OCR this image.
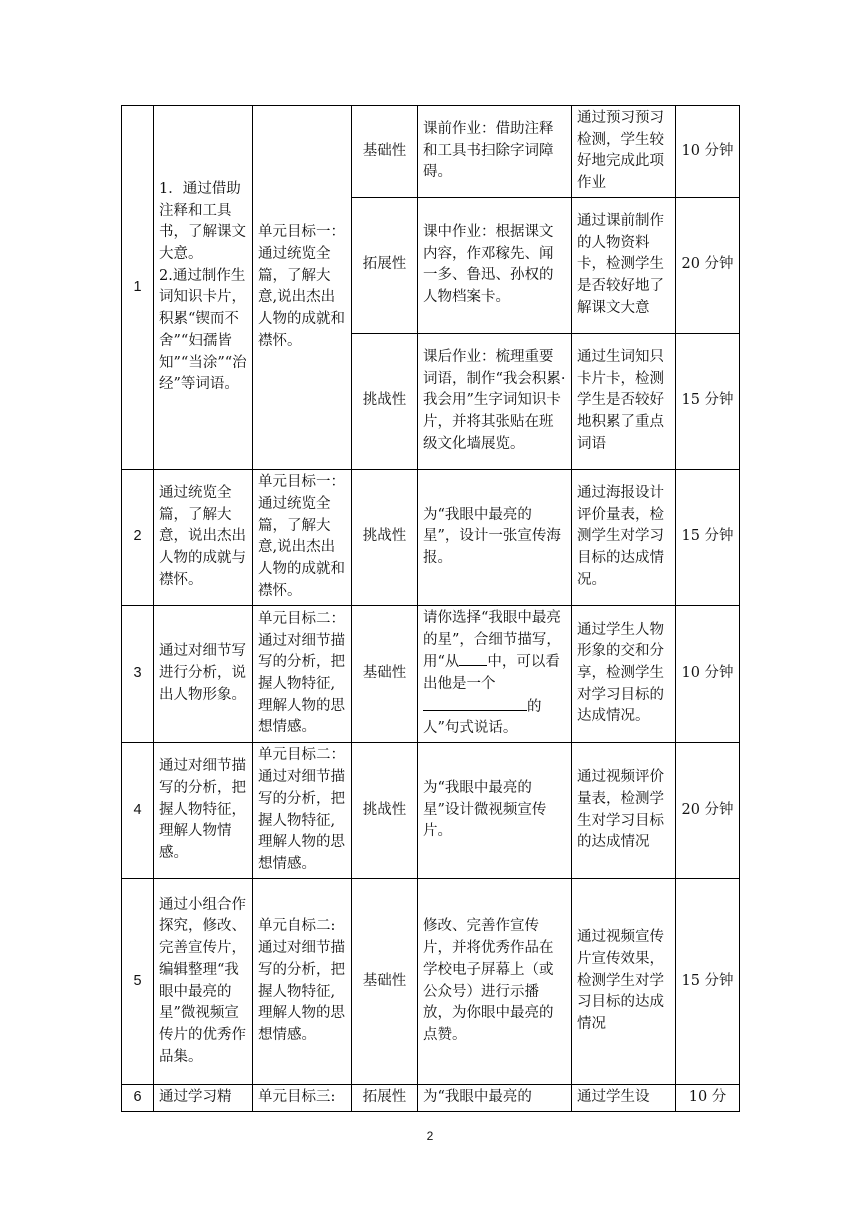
1	1．通过借助注释和工具书，了解课文大意。
2.通过制作生词知识卡片，积累“锲而不舍”“妇孺皆知”“当涂”“治经”等词语。	单元目标一：通过统览全篇，了解大意,说出杰出人物的成就和襟怀。	基础性	课前作业：借助注释和工具书扫除字词障碍。	通过预习预习检测，学生较好地完成此项作业	10 分钟
			拓展性	课中作业：根据课文内容，作邓稼先、闻一多、鲁迅、孙权的人物档案卡。	通过课前制作的人物资料卡，检测学生是否较好地了解课文大意	20 分钟
			挑战性	课后作业：梳理重要词语，制作“我会积累·我会用”生字词知识卡片，并将其张贴在班级文化墙展览。	通过生词知只卡片卡，检测学生是否较好地积累了重点词语	15 分钟
2	通过统览全篇，了解大意，说出杰出人物的成就与襟怀。	单元目标一：通过统览全篇，了解大意,说出杰出人物的成就和襟怀。	挑战性	为“我眼中最亮的星”，设计一张宣传海报。	通过海报设计评价量表，检测学生对学习目标的达成情况。	15 分钟
3	通过对细节写进行分析，说出人物形象。	单元目标二：通过对细节描写的分析，把握人物特征,理解人物的思想情感。	基础性	请你选择“我眼中最亮的星”，合细节描写，用“从 中，可以看出他是一个的人”句式说话。	通过学生人物形象的交和分享，检测学生对学习目标的达成情况。	10 分钟
4	通过对细节描写的分析，把握人物特征，理解人物情感。	单元目标二：通过对细节描写的分析，把握人物特征,理解人物的思想情感。	挑战性	为“我眼中最亮的星”设计微视频宣传片。	通过视频评价量表，检测学生对学习目标的达成情况	20 分钟
5	通过小组合作探究，修改、完善宣传片，编辑整理“我眼中最亮的星”微视频宣传片的优秀作品集。	单元自标二:通过对细节描写的分析，把握人物特征,理解人物的思想情感。	基础性	修改、完善作宣传片，并将优秀作品在学校电子屏幕上（或公众号）进行示播放，为你眼中最亮的点赞。	通过视频宣传片宣传效果，检测学生对学习目标的达成情况	15 分钟
6	通过学习精	单元目标三:	拓展性	为“我眼中最亮的	通过学生设	10 分
2
